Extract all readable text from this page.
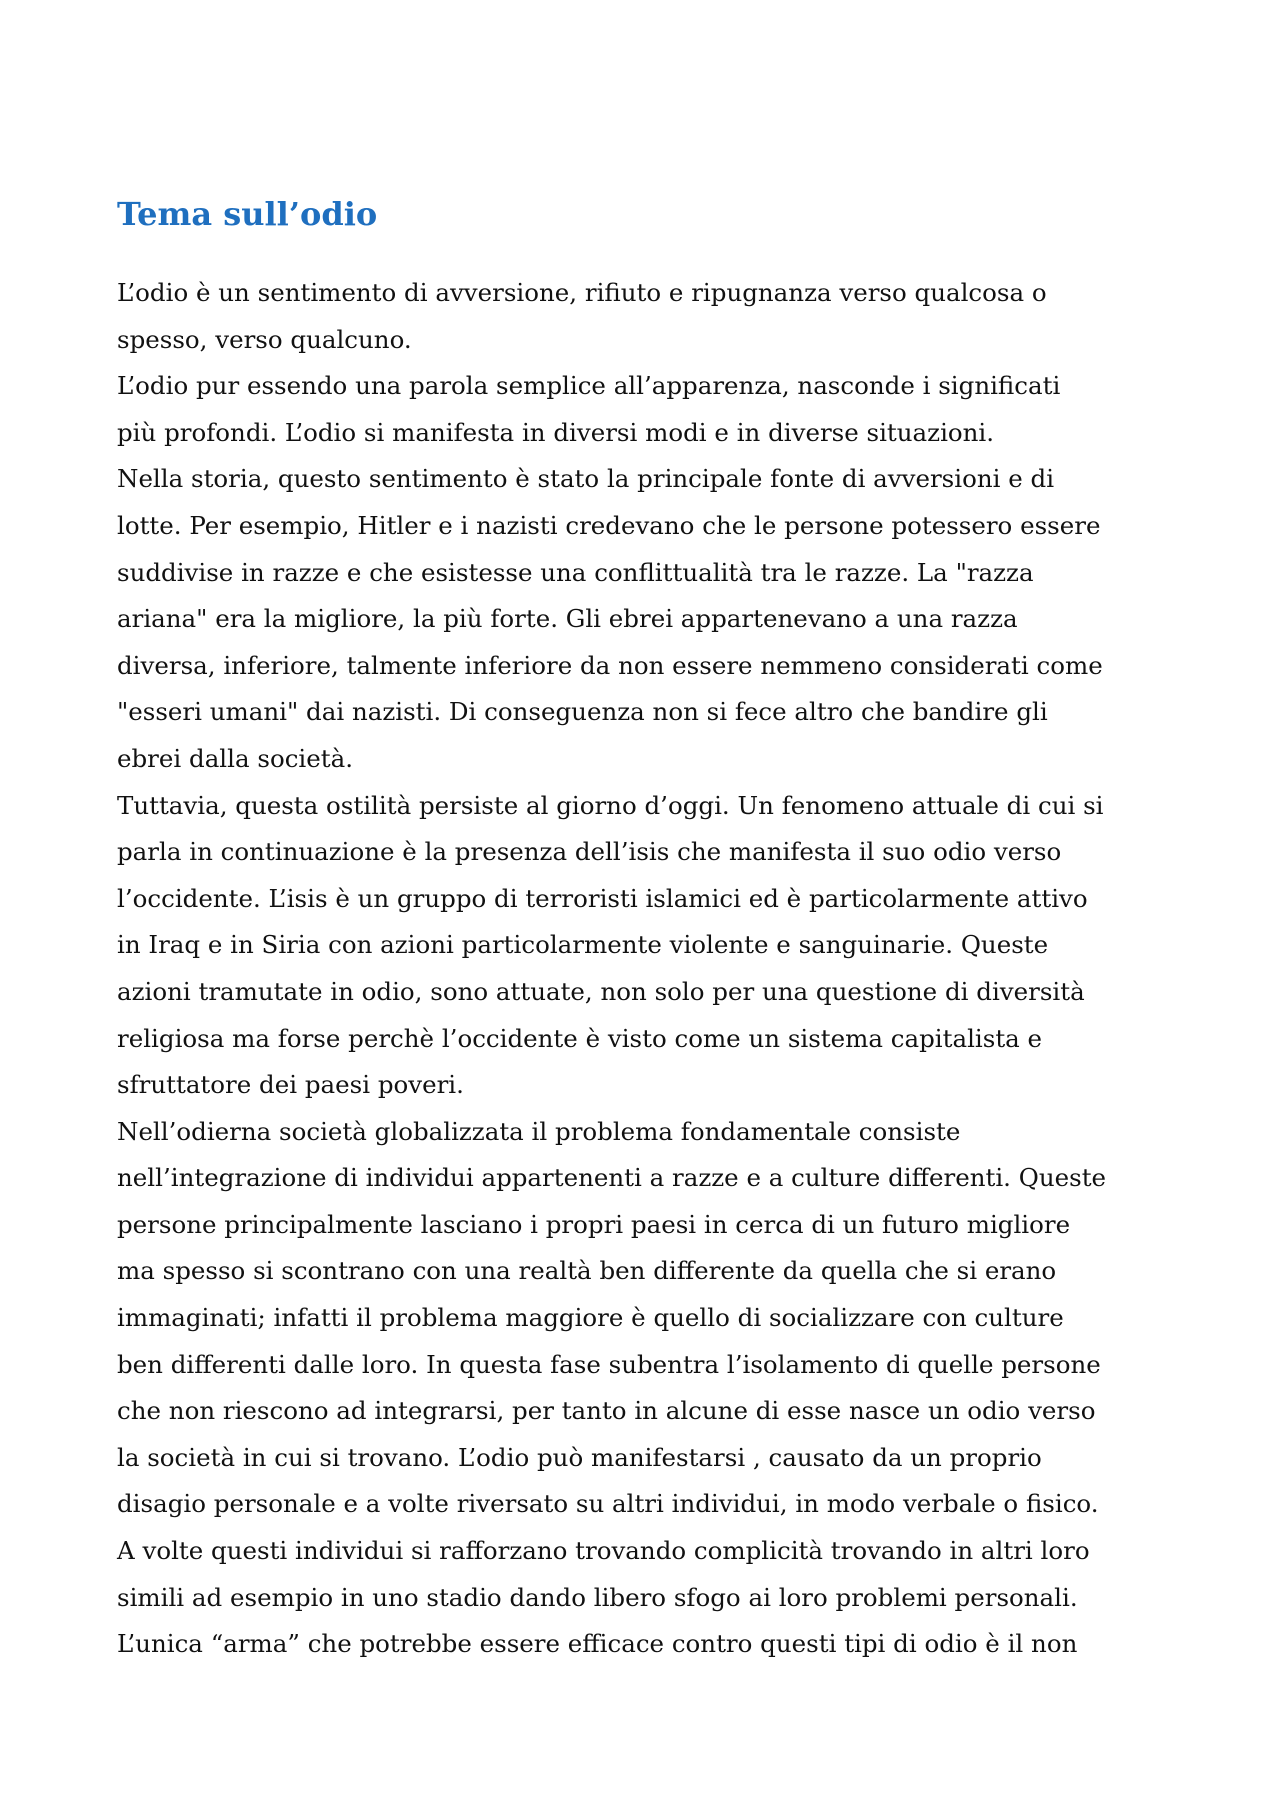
Tema sull’odio
L’odio è un sentimento di avversione, rifiuto e ripugnanza verso qualcosa o
spesso, verso qualcuno.
L’odio pur essendo una parola semplice all’apparenza, nasconde i significati
più profondi. L’odio si manifesta in diversi modi e in diverse situazioni.
Nella storia, questo sentimento è stato la principale fonte di avversioni e di
lotte. Per esempio, Hitler e i nazisti credevano che le persone potessero essere
suddivise in razze e che esistesse una conflittualità tra le razze. La "razza
ariana" era la migliore, la più forte. Gli ebrei appartenevano a una razza
diversa, inferiore, talmente inferiore da non essere nemmeno considerati come
"esseri umani" dai nazisti. Di conseguenza non si fece altro che bandire gli
ebrei dalla società.
Tuttavia, questa ostilità persiste al giorno d’oggi. Un fenomeno attuale di cui si
parla in continuazione è la presenza dell’isis che manifesta il suo odio verso
l’occidente. L’isis è un gruppo di terroristi islamici ed è particolarmente attivo
in Iraq e in Siria con azioni particolarmente violente e sanguinarie. Queste
azioni tramutate in odio, sono attuate, non solo per una questione di diversità
religiosa ma forse perchè l’occidente è visto come un sistema capitalista e
sfruttatore dei paesi poveri.
Nell’odierna società globalizzata il problema fondamentale consiste
nell’integrazione di individui appartenenti a razze e a culture differenti. Queste
persone principalmente lasciano i propri paesi in cerca di un futuro migliore
ma spesso si scontrano con una realtà ben differente da quella che si erano
immaginati; infatti il problema maggiore è quello di socializzare con culture
ben differenti dalle loro. In questa fase subentra l’isolamento di quelle persone
che non riescono ad integrarsi, per tanto in alcune di esse nasce un odio verso
la società in cui si trovano. L’odio può manifestarsi , causato da un proprio
disagio personale e a volte riversato su altri individui, in modo verbale o fisico.
A volte questi individui si rafforzano trovando complicità trovando in altri loro
simili ad esempio in uno stadio dando libero sfogo ai loro problemi personali.
L’unica “arma” che potrebbe essere efficace contro questi tipi di odio è il non
